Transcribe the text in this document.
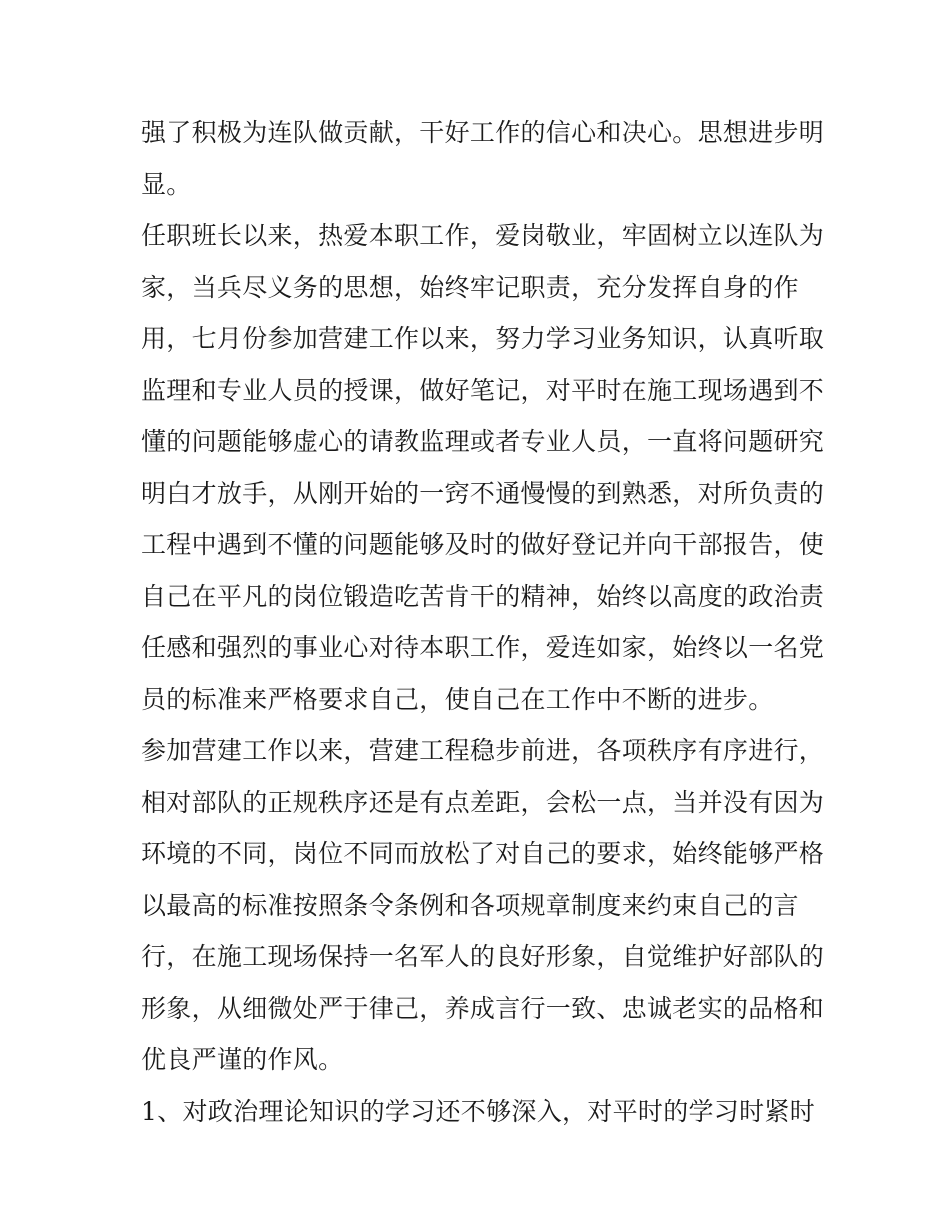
强了积极为连队做贡献，干好工作的信心和决心。思想进步明
显。
任职班长以来，热爱本职工作，爱岗敬业，牢固树立以连队为
家，当兵尽义务的思想，始终牢记职责，充分发挥自身的作
用，七月份参加营建工作以来，努力学习业务知识，认真听取
监理和专业人员的授课，做好笔记，对平时在施工现场遇到不
懂的问题能够虚心的请教监理或者专业人员，一直将问题研究
明白才放手，从刚开始的一窍不通慢慢的到熟悉，对所负责的
工程中遇到不懂的问题能够及时的做好登记并向干部报告，使
自己在平凡的岗位锻造吃苦肯干的精神，始终以高度的政治责
任感和强烈的事业心对待本职工作，爱连如家，始终以一名党
员的标准来严格要求自己，使自己在工作中不断的进步。
参加营建工作以来，营建工程稳步前进，各项秩序有序进行，
相对部队的正规秩序还是有点差距，会松一点，当并没有因为
环境的不同，岗位不同而放松了对自己的要求，始终能够严格
以最高的标准按照条令条例和各项规章制度来约束自己的言
行，在施工现场保持一名军人的良好形象，自觉维护好部队的
形象，从细微处严于律己，养成言行一致、忠诚老实的品格和
优良严谨的作风。
1、对政治理论知识的学习还不够深入，对平时的学习时紧时
